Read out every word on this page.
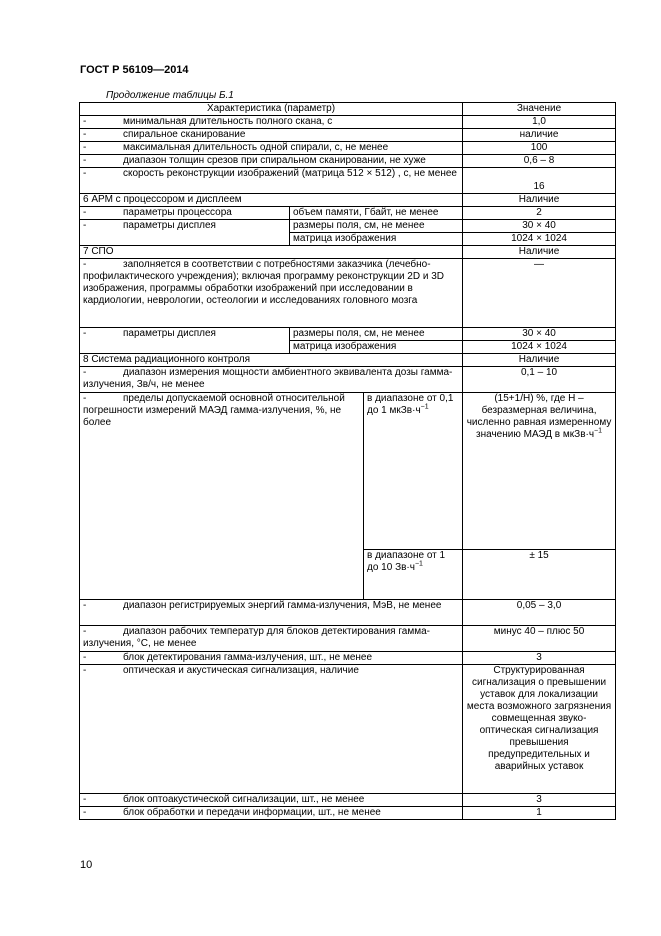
ГОСТ Р 56109—2014
Продолжение таблицы Б.1
Характеристика (параметр)			Значение
- минимальная длительность полного скана, с			1,0
- спиральное сканирование			наличие
- максимальная длительность одной спирали, с, не менее			100
- диапазон толщин срезов при спиральном сканировании, не хуже			0,6 – 8
- скорость реконструкции изображений (матрица 512 × 512) , с, не менее			16
6 АРМ с процессором и дисплеем			Наличие
- параметры процессора	объем памяти, Гбайт, не менее		2
- параметры дисплея	размеры поля, см, не менее		30 × 40
	матрица изображения		1024 × 1024
7 СПО			Наличие
- заполняется в соответствии с потребностями заказчика (лечебно-профилактического учреждения); включая программу реконструкции 2D и 3D изображения, программы обработки изображений при исследовании в кардиологии, неврологии, остеологии и исследованиях головного мозга			—
- параметры дисплея	размеры поля, см, не менее		30 × 40
	матрица изображения		1024 × 1024
8 Система радиационного контроля			Наличие
- диапазон измерения мощности амбиентного эквивалента дозы гамма-излучения, Зв/ч, не менее			0,1 – 10
- пределы допускаемой основной относительной погрешности измерений МАЭД гамма-излучения, %, не более		в диапазоне от 0,1 до 1 $мкЗв\cdot ч^{-1}$	(15+1/Н) %, где Н – безразмерная величина, численно равная измеренному значению МАЭД в $мкЗв\cdot ч^{-1}$
		в диапазоне от 1 до 10 $Зв\cdot ч^{-1}$	± 15
- диапазон регистрируемых энергий гамма-излучения, МэВ, не менее			0,05 – 3,0
- диапазон рабочих температур для блоков детектирования гамма-излучения, °С, не менее			минус 40 – плюс 50
- блок детектирования гамма-излучения, шт., не менее			3
- оптическая и акустическая сигнализация, наличие			Структурированная сигнализация о превышении уставок для локализации места возможного загрязнения совмещенная звуко-оптическая сигнализация превышения предупредительных и аварийных уставок
- блок оптоакустической сигнализации, шт., не менее			3
- блок обработки и передачи информации, шт., не менее			1
10
